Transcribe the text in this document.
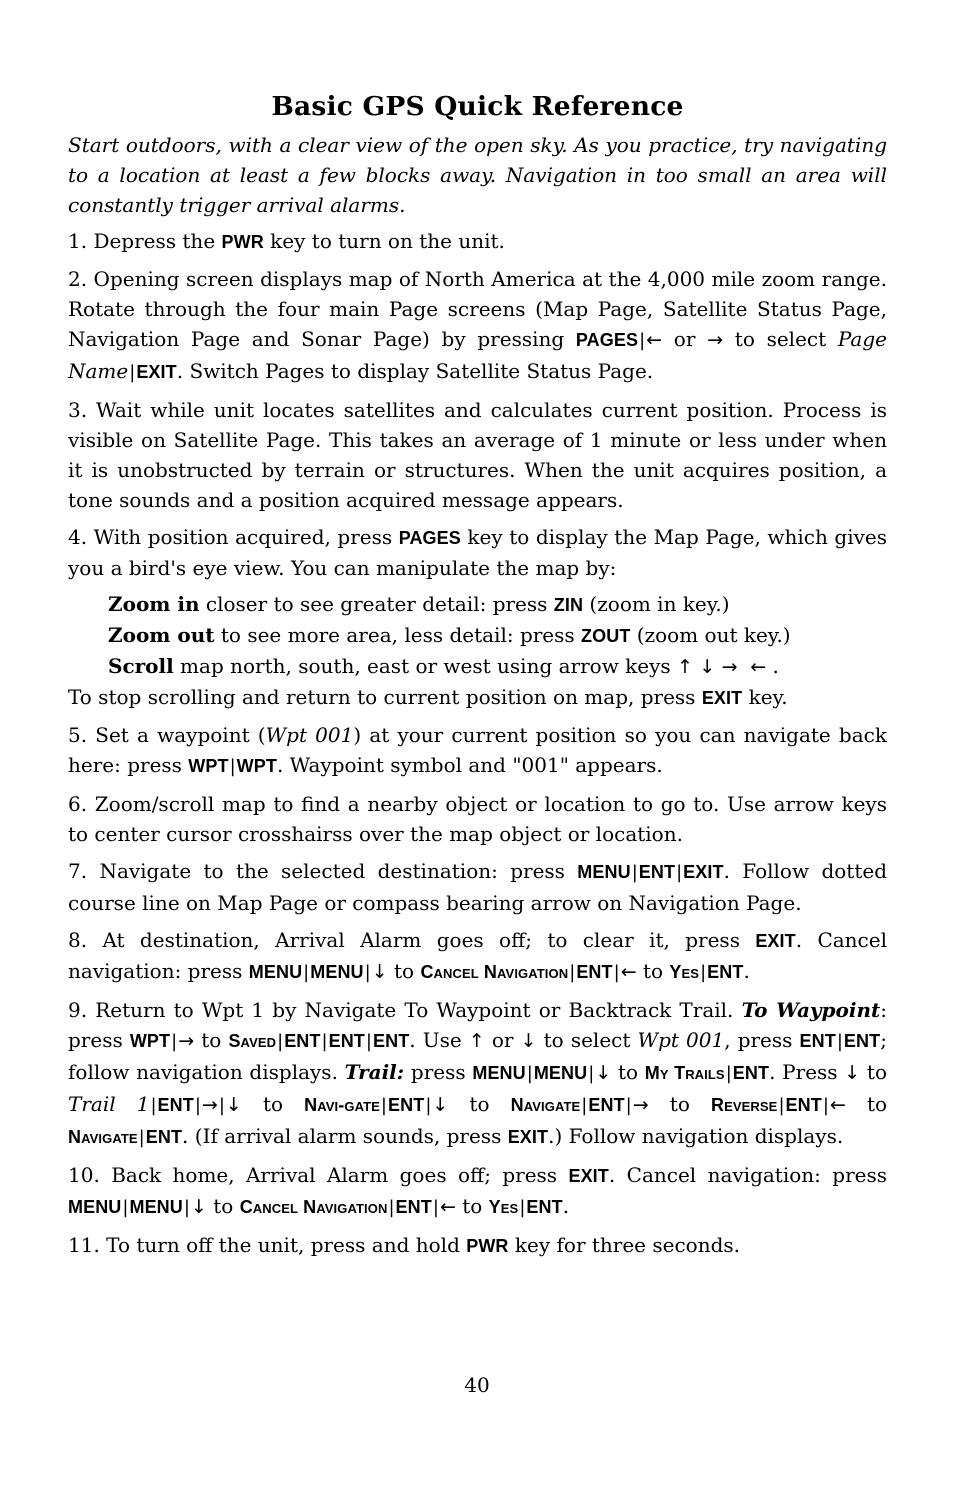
Basic GPS Quick Reference

Start outdoors, with a clear view of the open sky. As you practice, try navigating to a location at least a few blocks away. Navigation in too small an area will constantly trigger arrival alarms.

1. Depress the PWR key to turn on the unit.

2. Opening screen displays map of North America at the 4,000 mile zoom range. Rotate through the four main Page screens (Map Page, Satellite Status Page, Navigation Page and Sonar Page) by pressing PAGES|← or → to select Page Name|EXIT. Switch Pages to display Satellite Status Page.

3. Wait while unit locates satellites and calculates current position. Process is visible on Satellite Page. This takes an average of 1 minute or less under when it is unobstructed by terrain or structures. When the unit acquires position, a tone sounds and a position acquired message appears.

4. With position acquired, press PAGES key to display the Map Page, which gives you a bird's eye view. You can manipulate the map by:

Zoom in closer to see greater detail: press ZIN (zoom in key.)

Zoom out to see more area, less detail: press ZOUT (zoom out key.)

Scroll map north, south, east or west using arrow keys ↑ ↓ → ← .

To stop scrolling and return to current position on map, press EXIT key.

5. Set a waypoint (Wpt 001) at your current position so you can navigate back here: press WPT|WPT. Waypoint symbol and "001" appears.

6. Zoom/scroll map to find a nearby object or location to go to. Use arrow keys to center cursor crosshairss over the map object or location.

7. Navigate to the selected destination: press MENU|ENT|EXIT. Follow dotted course line on Map Page or compass bearing arrow on Navigation Page.

8. At destination, Arrival Alarm goes off; to clear it, press EXIT. Cancel navigation: press MENU|MENU|↓ to Cancel Navigation|ENT|← to Yes|ENT.

9. Return to Wpt 1 by Navigate To Waypoint or Backtrack Trail. To Waypoint: press WPT|→ to Saved|ENT|ENT|ENT. Use ↑ or ↓ to select Wpt 001, press ENT|ENT; follow navigation displays. Trail: press MENU|MENU|↓ to My Trails|ENT. Press ↓ to Trail 1|ENT|→|↓ to Navi-gate|ENT|↓ to Navigate|ENT|→ to Reverse|ENT|← to Navigate|ENT. (If arrival alarm sounds, press EXIT.) Follow navigation displays.

10. Back home, Arrival Alarm goes off; press EXIT. Cancel navigation: press MENU|MENU|↓ to Cancel Navigation|ENT|← to Yes|ENT.

11. To turn off the unit, press and hold PWR key for three seconds.

40
